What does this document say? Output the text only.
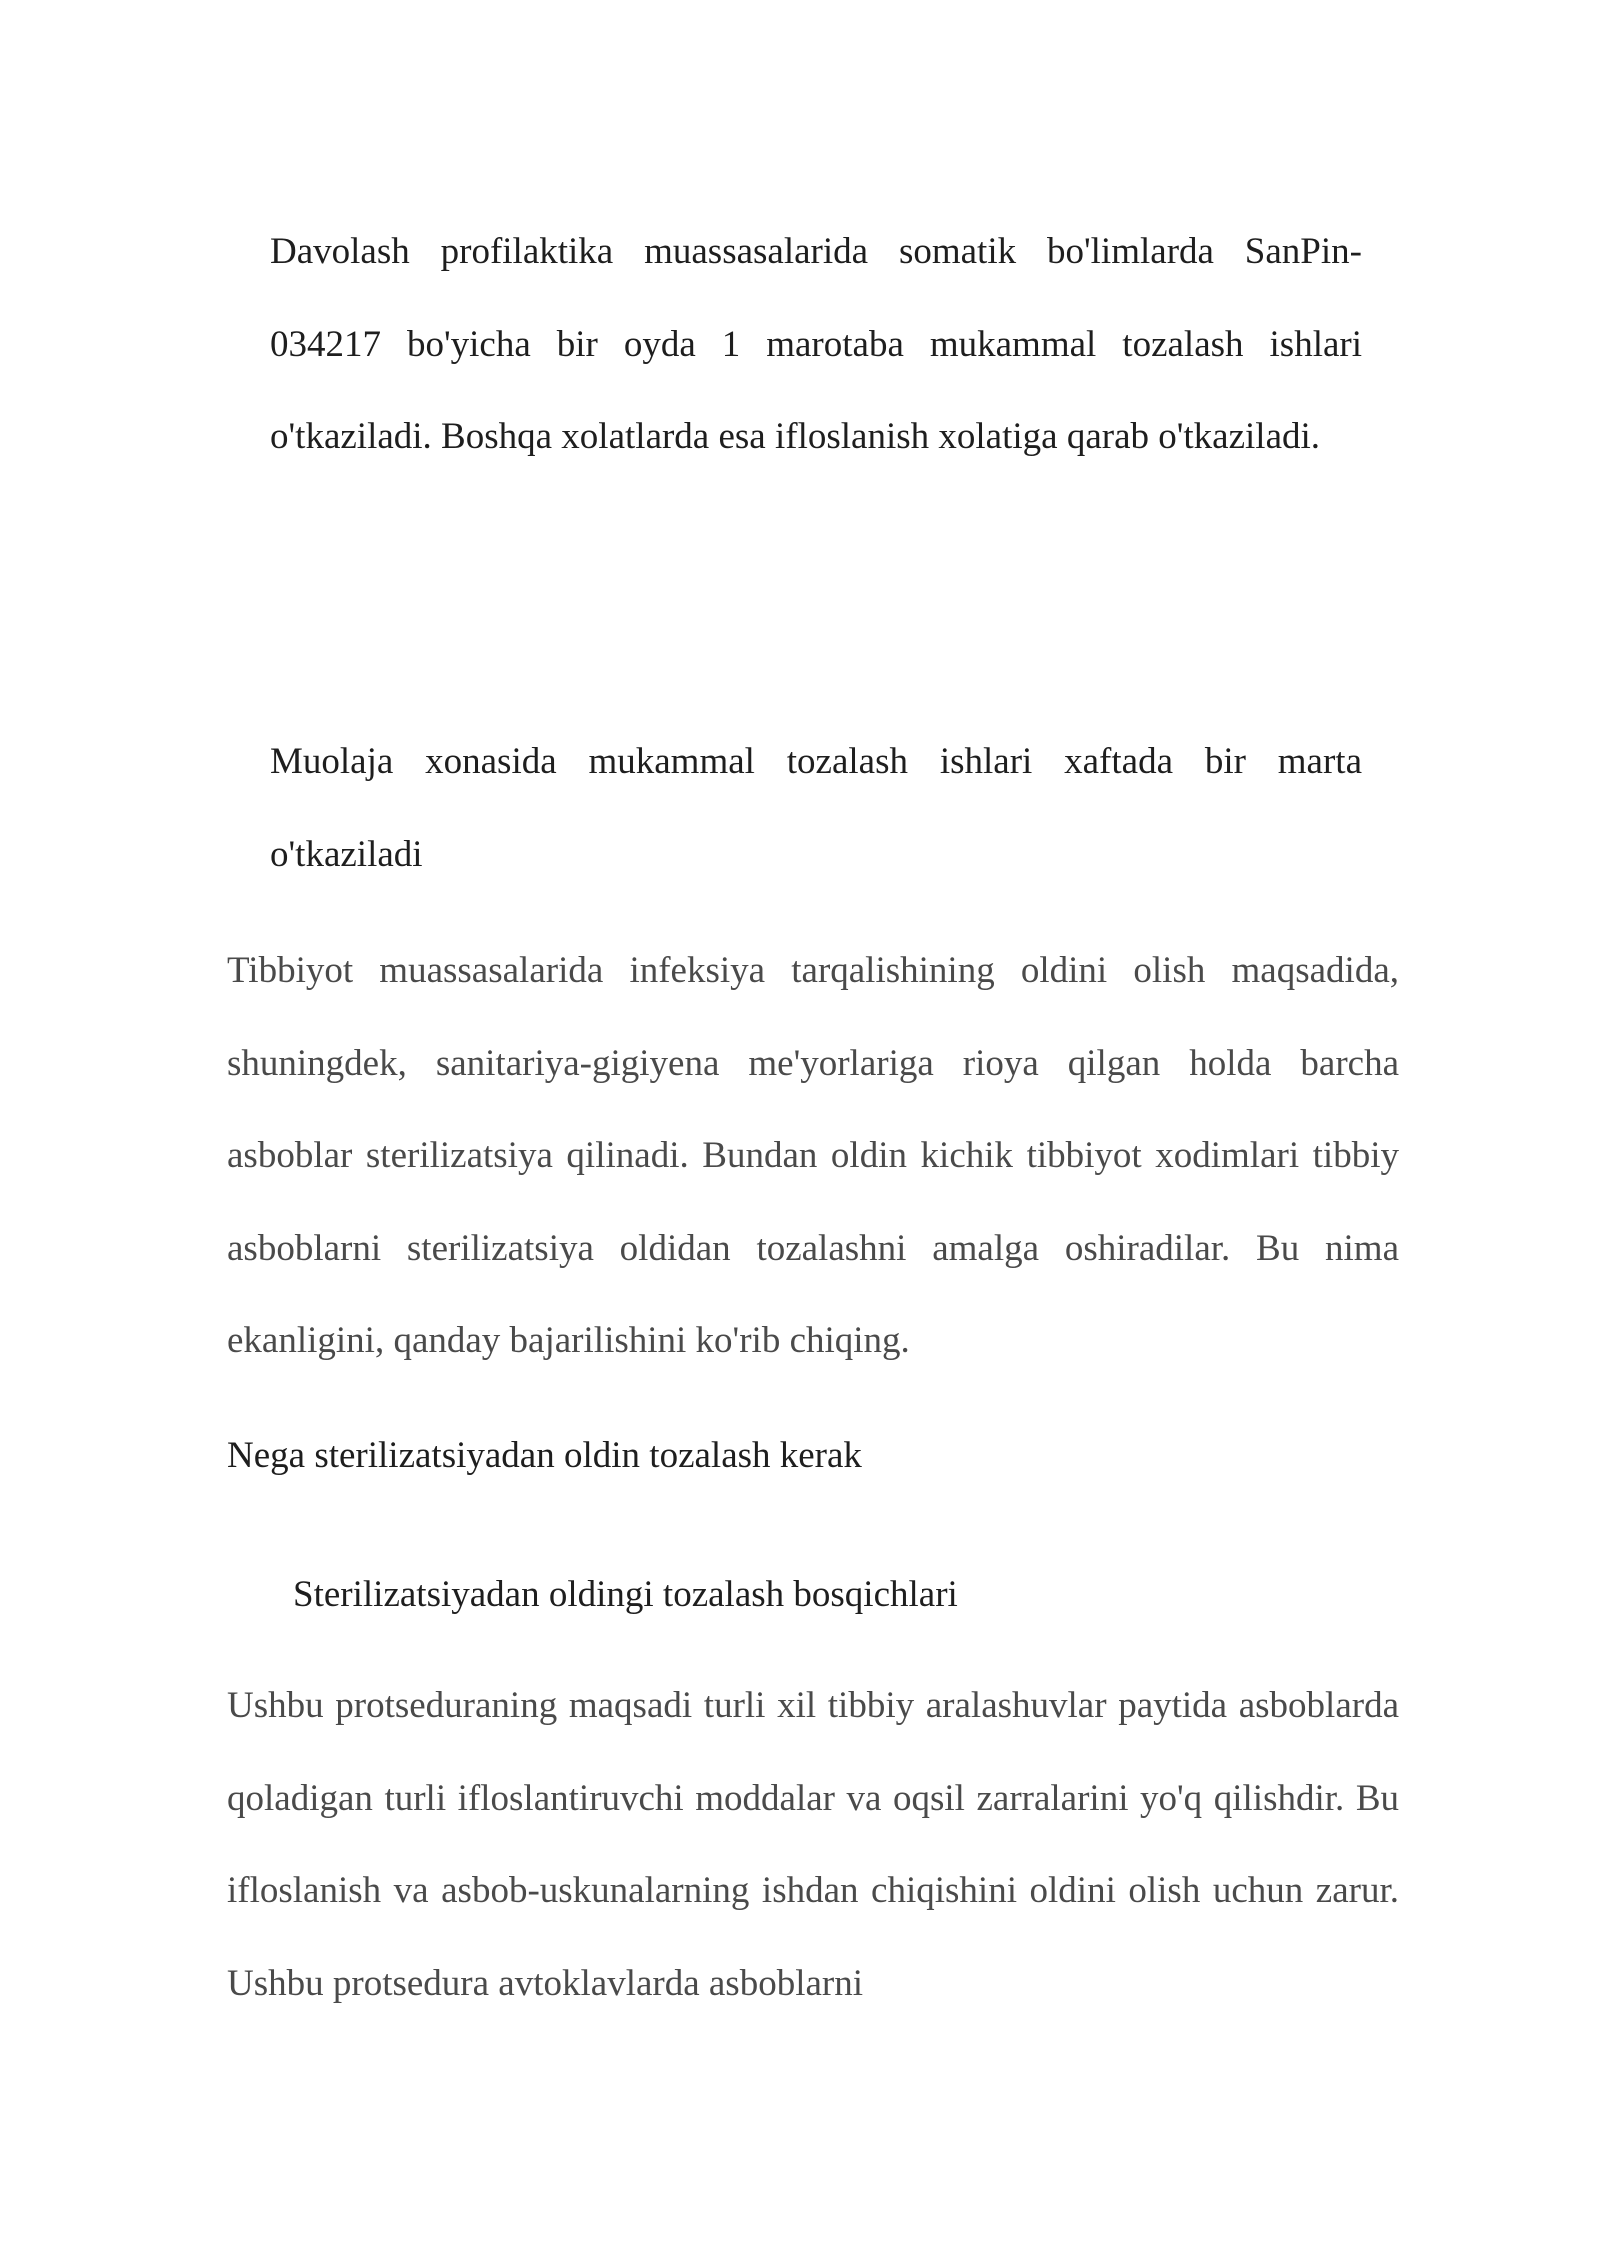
Davolash profilaktika muassasalarida somatik bo'limlarda SanPin-034217 bo'yicha bir oyda 1 marotaba mukammal tozalash ishlari o'tkaziladi. Boshqa xolatlarda esa ifloslanish xolatiga qarab o'tkaziladi.

Muolaja xonasida mukammal tozalash ishlari xaftada bir marta o'tkaziladi

Tibbiyot muassasalarida infeksiya tarqalishining oldini olish maqsadida, shuningdek, sanitariya-gigiyena me'yorlariga rioya qilgan holda barcha asboblar sterilizatsiya qilinadi. Bundan oldin kichik tibbiyot xodimlari tibbiy asboblarni sterilizatsiya oldidan tozalashni amalga oshiradilar. Bu nima ekanligini, qanday bajarilishini ko'rib chiqing.

Nega sterilizatsiyadan oldin tozalash kerak
Sterilizatsiyadan oldingi tozalash bosqichlari

Ushbu protseduraning maqsadi turli xil tibbiy aralashuvlar paytida asboblarda qoladigan turli ifloslantiruvchi moddalar va oqsil zarralarini yo'q qilishdir. Bu ifloslanish va asbob-uskunalarning ishdan chiqishini oldini olish uchun zarur. Ushbu protsedura avtoklavlarda asboblarni
